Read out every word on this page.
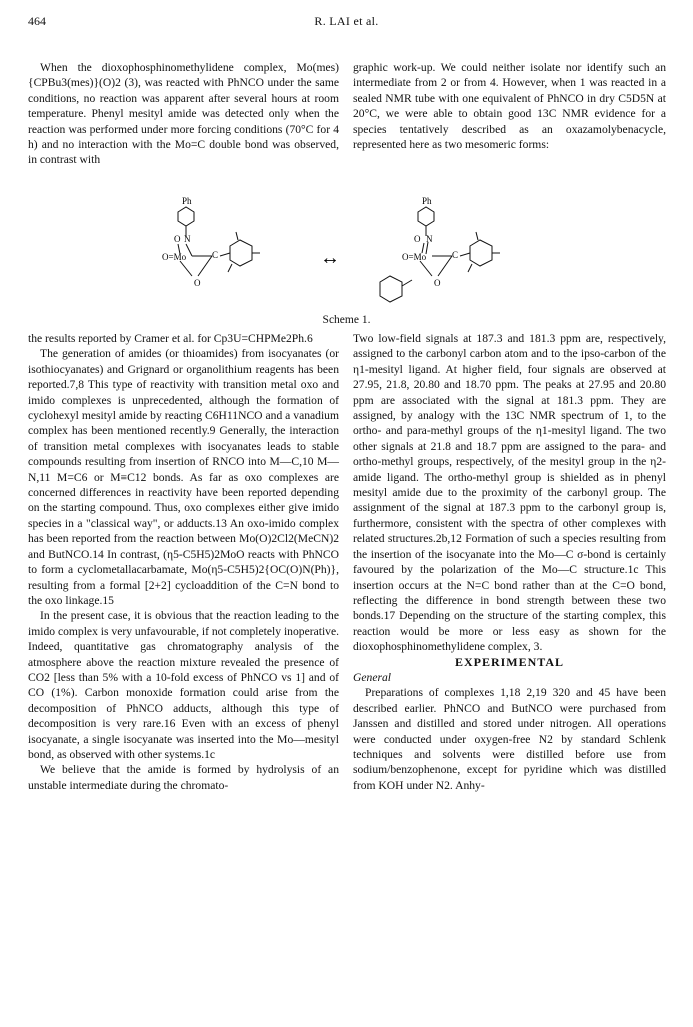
464	R. LAI et al.

When the dioxophosphinomethylidene complex, Mo(mes){CPBu3(mes)}(O)2 (3), was reacted with PhNCO under the same conditions, no reaction was apparent after several hours at room temperature. Phenyl mesityl amide was detected only when the reaction was performed under more forcing conditions (70°C for 4 h) and no interaction with the Mo=C double bond was observed, in contrast with

graphic work-up. We could neither isolate nor identify such an intermediate from 2 or from 4. However, when 1 was reacted in a sealed NMR tube with one equivalent of PhNCO in dry C5D5N at 20°C, we were able to obtain good 13C NMR evidence for a species tentatively described as an oxazamolybenacycle, represented here as two mesomeric forms:

Ph
O N
O=Mo	C
O
↔
Ph
O N
O=Mo	C
O
Scheme 1.

the results reported by Cramer et al. for Cp3U=CHPMe2Ph.6

The generation of amides (or thioamides) from isocyanates (or isothiocyanates) and Grignard or organolithium reagents has been reported.7,8 This type of reactivity with transition metal oxo and imido complexes is unprecedented, although the formation of cyclohexyl mesityl amide by reacting C6H11NCO and a vanadium complex has been mentioned recently.9 Generally, the interaction of transition metal complexes with isocyanates leads to stable compounds resulting from insertion of RNCO into M—C,10 M—N,11 M=C6 or M≡C12 bonds. As far as oxo complexes are concerned differences in reactivity have been reported depending on the starting compound. Thus, oxo complexes either give imido species in a "classical way", or adducts.13 An oxo-imido complex has been reported from the reaction between Mo(O)2Cl2(MeCN)2 and ButNCO.14 In contrast, (η5-C5H5)2MoO reacts with PhNCO to form a cyclometallacarbamate, Mo(η5-C5H5)2{OC(O)N(Ph)}, resulting from a formal [2+2] cycloaddition of the C=N bond to the oxo linkage.15

In the present case, it is obvious that the reaction leading to the imido complex is very unfavourable, if not completely inoperative. Indeed, quantitative gas chromatography analysis of the atmosphere above the reaction mixture revealed the presence of CO2 [less than 5% with a 10-fold excess of PhNCO vs 1] and of CO (1%). Carbon monoxide formation could arise from the decomposition of PhNCO adducts, although this type of decomposition is very rare.16 Even with an excess of phenyl isocyanate, a single isocyanate was inserted into the Mo—mesityl bond, as observed with other systems.1c

We believe that the amide is formed by hydrolysis of an unstable intermediate during the chromato-

Two low-field signals at 187.3 and 181.3 ppm are, respectively, assigned to the carbonyl carbon atom and to the ipso-carbon of the η1-mesityl ligand. At higher field, four signals are observed at 27.95, 21.8, 20.80 and 18.70 ppm. The peaks at 27.95 and 20.80 ppm are associated with the signal at 181.3 ppm. They are assigned, by analogy with the 13C NMR spectrum of 1, to the ortho- and para-methyl groups of the η1-mesityl ligand. The two other signals at 21.8 and 18.7 ppm are assigned to the para- and ortho-methyl groups, respectively, of the mesityl group in the η2-amide ligand. The ortho-methyl group is shielded as in phenyl mesityl amide due to the proximity of the carbonyl group. The assignment of the signal at 187.3 ppm to the carbonyl group is, furthermore, consistent with the spectra of other complexes with related structures.2b,12 Formation of such a species resulting from the insertion of the isocyanate into the Mo—C σ-bond is certainly favoured by the polarization of the Mo—C structure.1c This insertion occurs at the N=C bond rather than at the C=O bond, reflecting the difference in bond strength between these two bonds.17 Depending on the structure of the starting complex, this reaction would be more or less easy as shown for the dioxophosphinomethylidene complex, 3.

EXPERIMENTAL

General

Preparations of complexes 1,18 2,19 320 and 45 have been described earlier. PhNCO and ButNCO were purchased from Janssen and distilled and stored under nitrogen. All operations were conducted under oxygen-free N2 by standard Schlenk techniques and solvents were distilled before use from sodium/benzophenone, except for pyridine which was distilled from KOH under N2. Anhy-
